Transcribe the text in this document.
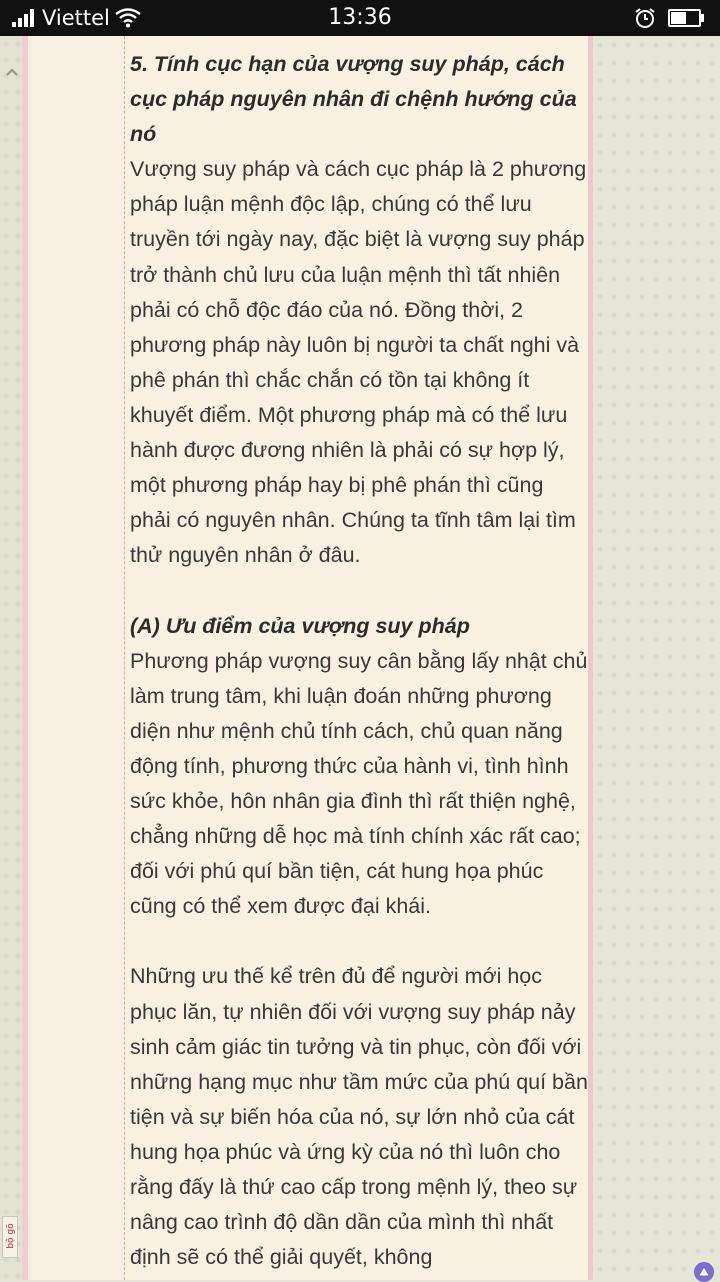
Viettel	13:36
bộ gõ

5. Tính cục hạn của vượng suy pháp, cách cục pháp nguyên nhân đi chệnh hướng của nó

Vượng suy pháp và cách cục pháp là 2 phương pháp luận mệnh độc lập, chúng có thể lưu truyền tới ngày nay, đặc biệt là vượng suy pháp trở thành chủ lưu của luận mệnh thì tất nhiên phải có chỗ độc đáo của nó. Đồng thời, 2 phương pháp này luôn bị người ta chất nghi và phê phán thì chắc chắn có tồn tại không ít khuyết điểm. Một phương pháp mà có thể lưu hành được đương nhiên là phải có sự hợp lý, một phương pháp hay bị phê phán thì cũng phải có nguyên nhân. Chúng ta tĩnh tâm lại tìm thử nguyên nhân ở đâu.

(A) Ưu điểm của vượng suy pháp

Phương pháp vượng suy cân bằng lấy nhật chủ làm trung tâm, khi luận đoán những phương diện như mệnh chủ tính cách, chủ quan năng động tính, phương thức của hành vi, tình hình sức khỏe, hôn nhân gia đình thì rất thiện nghệ, chẳng những dễ học mà tính chính xác rất cao; đối với phú quí bần tiện, cát hung họa phúc cũng có thể xem được đại khái.

Những ưu thế kể trên đủ để người mới học phục lăn, tự nhiên đối với vượng suy pháp nảy sinh cảm giác tin tưởng và tin phục, còn đối với những hạng mục như tầm mức của phú quí bần tiện và sự biến hóa của nó, sự lớn nhỏ của cát hung họa phúc và ứng kỳ của nó thì luôn cho rằng đấy là thứ cao cấp trong mệnh lý, theo sự nâng cao trình độ dần dần của mình thì nhất định sẽ có thể giải quyết, không
